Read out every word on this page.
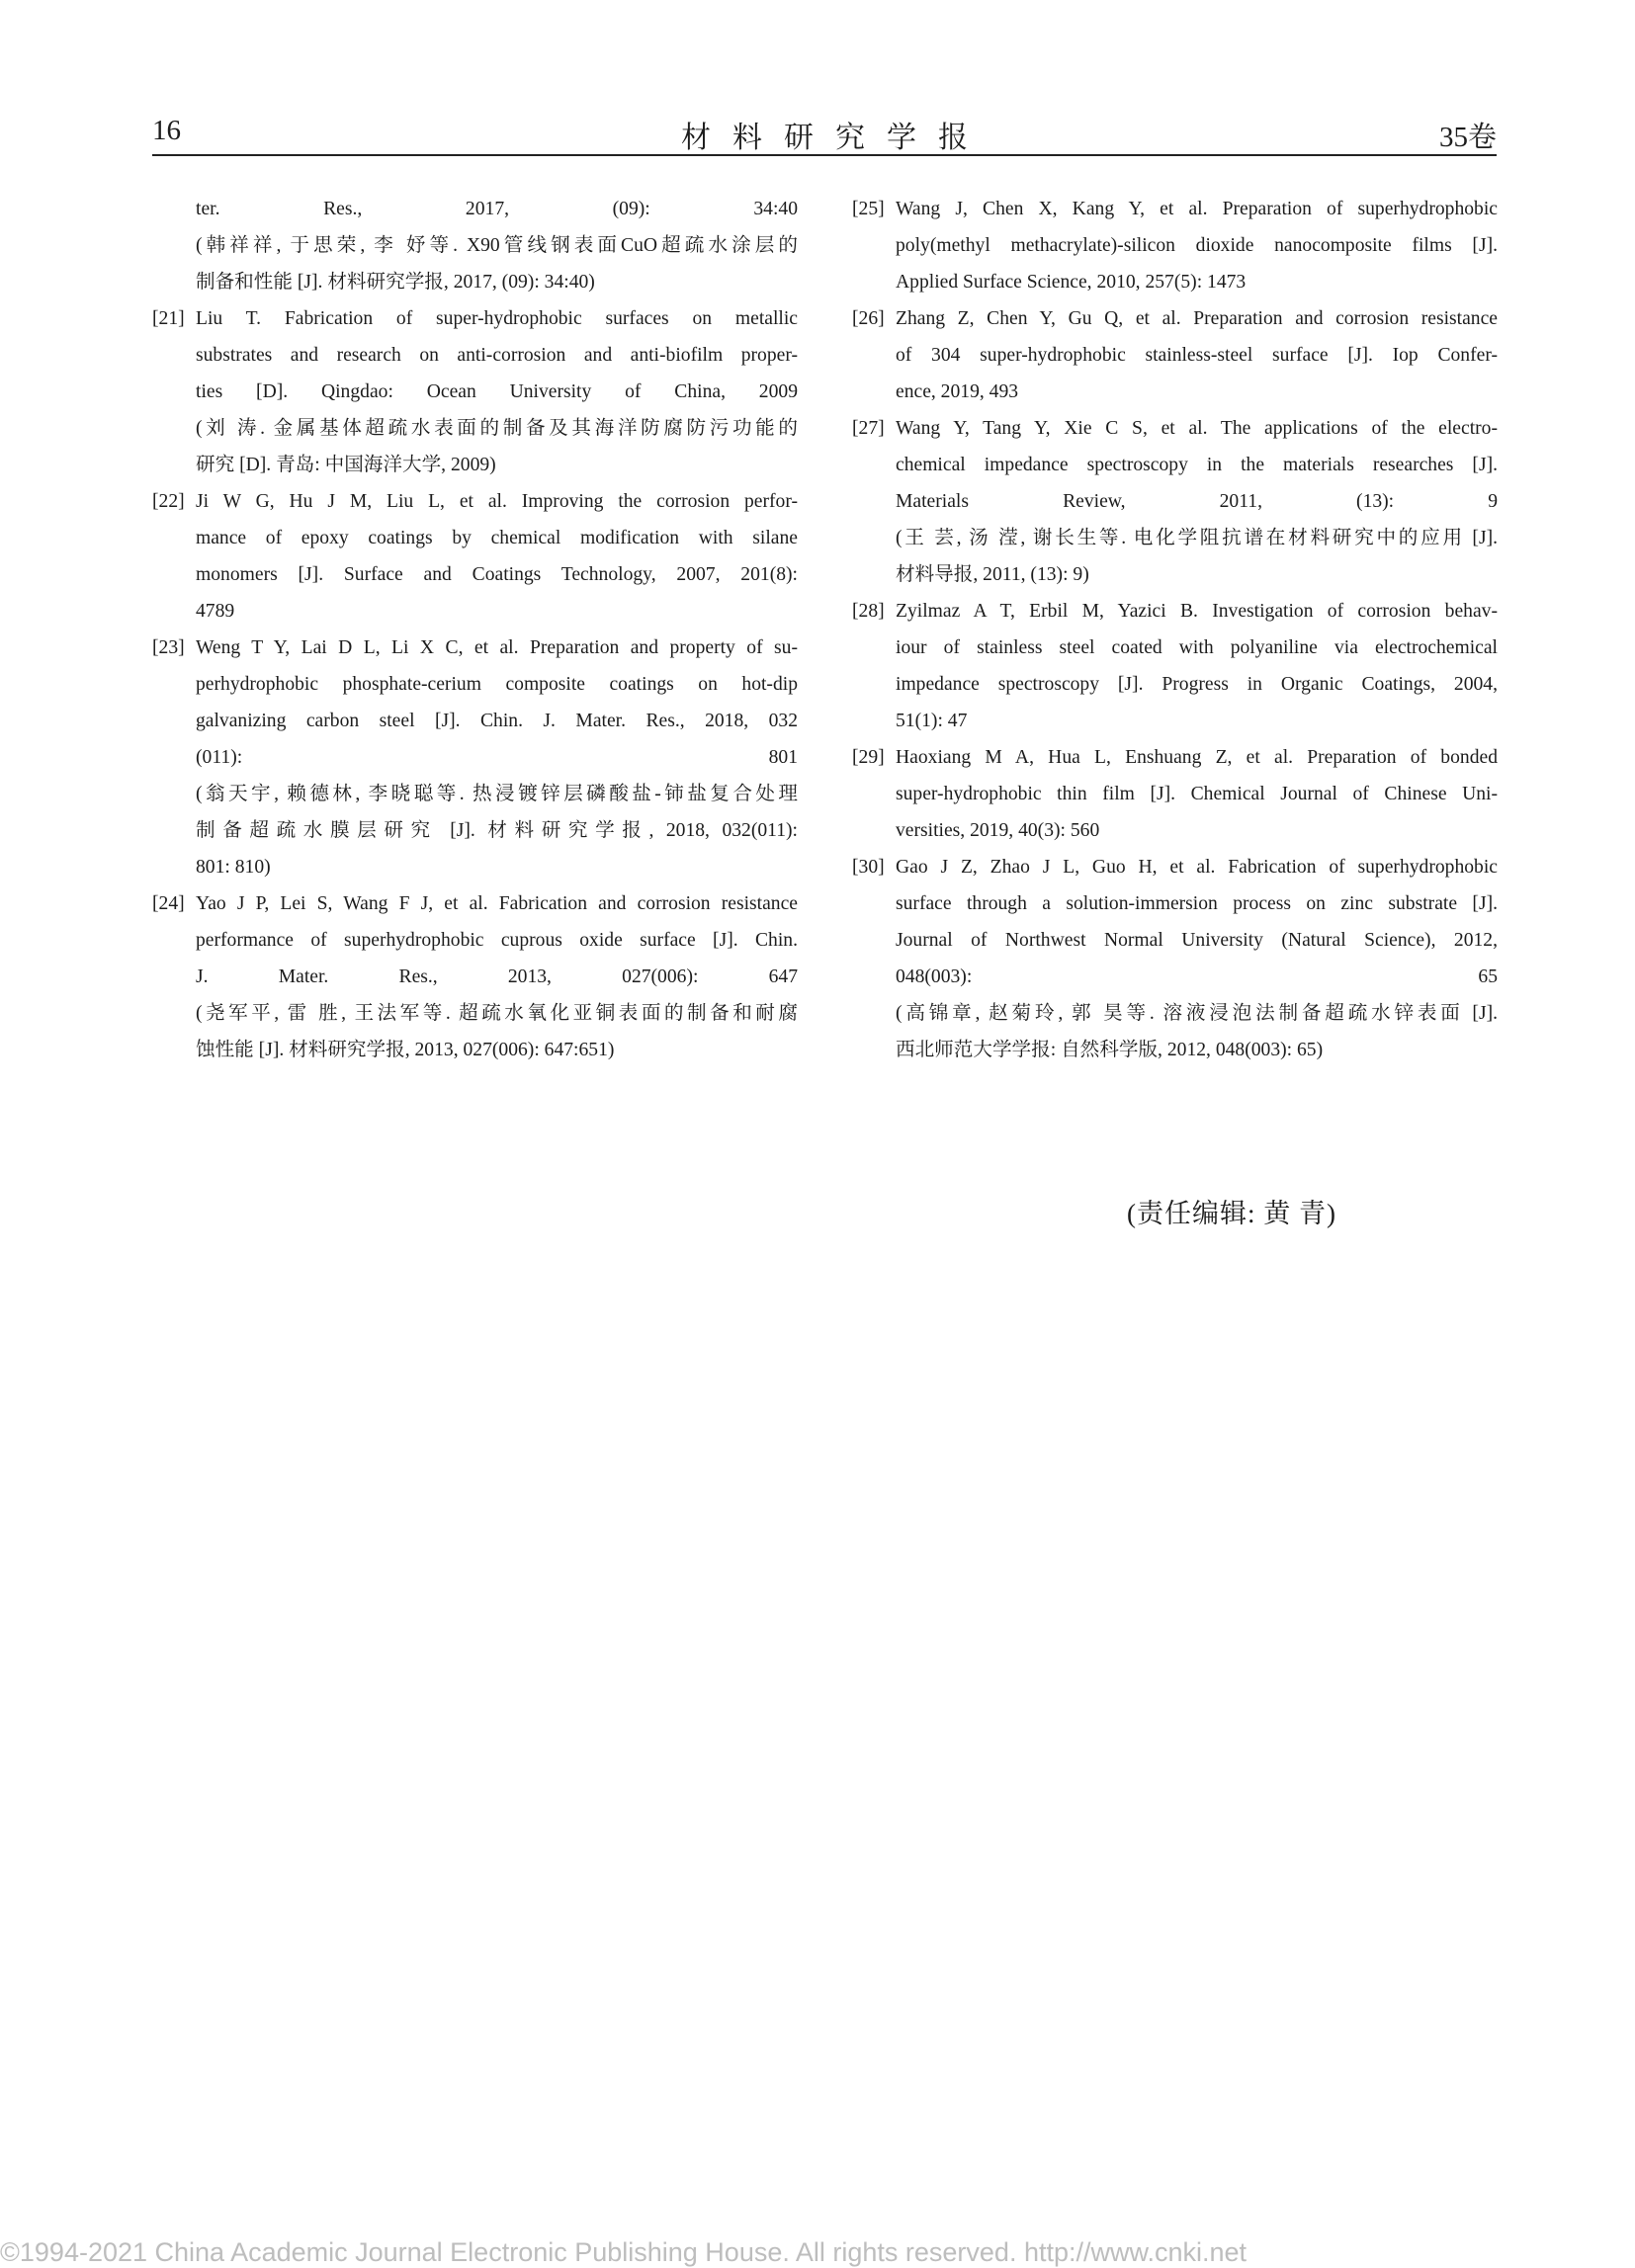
16	材料研究学报	35卷
ter. Res., 2017, (09): 34:40
(韩祥祥, 于思荣, 李 妤等. X90管线钢表面CuO超疏水涂层的
制备和性能 [J]. 材料研究学报, 2017, (09): 34:40)
[21] Liu T. Fabrication of super-hydrophobic surfaces on metallic
substrates and research on anti-corrosion and anti-biofilm proper-
ties [D]. Qingdao: Ocean University of China, 2009
(刘 涛. 金属基体超疏水表面的制备及其海洋防腐防污功能的
研究 [D]. 青岛: 中国海洋大学, 2009)
[22] Ji W G, Hu J M, Liu L, et al. Improving the corrosion perfor-
mance of epoxy coatings by chemical modification with silane
monomers [J]. Surface and Coatings Technology, 2007, 201(8):
4789
[23] Weng T Y, Lai D L, Li X C, et al. Preparation and property of su-
perhydrophobic phosphate-cerium composite coatings on hot-dip
galvanizing carbon steel [J]. Chin. J. Mater. Res., 2018, 032
(011): 801
(翁天宇, 赖德林, 李晓聪等. 热浸镀锌层磷酸盐-铈盐复合处理
制备超疏水膜层研究 [J]. 材料研究学报, 2018, 032(011):
801: 810)
[24] Yao J P, Lei S, Wang F J, et al. Fabrication and corrosion resistance
performance of superhydrophobic cuprous oxide surface [J]. Chin.
J. Mater. Res., 2013, 027(006): 647
(尧军平, 雷 胜, 王法军等. 超疏水氧化亚铜表面的制备和耐腐
蚀性能 [J]. 材料研究学报, 2013, 027(006): 647:651)
[25] Wang J, Chen X, Kang Y, et al. Preparation of superhydrophobic
poly(methyl methacrylate)-silicon dioxide nanocomposite films [J].
Applied Surface Science, 2010, 257(5): 1473
[26] Zhang Z, Chen Y, Gu Q, et al. Preparation and corrosion resistance
of 304 super-hydrophobic stainless-steel surface [J]. Iop Confer-
ence, 2019, 493
[27] Wang Y, Tang Y, Xie C S, et al. The applications of the electro-
chemical impedance spectroscopy in the materials researches [J].
Materials Review, 2011, (13): 9
(王 芸, 汤 滢, 谢长生等. 电化学阻抗谱在材料研究中的应用 [J].
材料导报, 2011, (13): 9)
[28] Zyilmaz A T, Erbil M, Yazici B. Investigation of corrosion behav-
iour of stainless steel coated with polyaniline via electrochemical
impedance spectroscopy [J]. Progress in Organic Coatings, 2004,
51(1): 47
[29] Haoxiang M A, Hua L, Enshuang Z, et al. Preparation of bonded
super-hydrophobic thin film [J]. Chemical Journal of Chinese Uni-
versities, 2019, 40(3): 560
[30] Gao J Z, Zhao J L, Guo H, et al. Fabrication of superhydrophobic
surface through a solution-immersion process on zinc substrate [J].
Journal of Northwest Normal University (Natural Science), 2012,
048(003): 65
(高锦章, 赵菊玲, 郭 昊等. 溶液浸泡法制备超疏水锌表面 [J].
西北师范大学学报: 自然科学版, 2012, 048(003): 65)
(责任编辑: 黄 青)
©1994-2021 China Academic Journal Electronic Publishing House. All rights reserved. http://www.cnki.net
